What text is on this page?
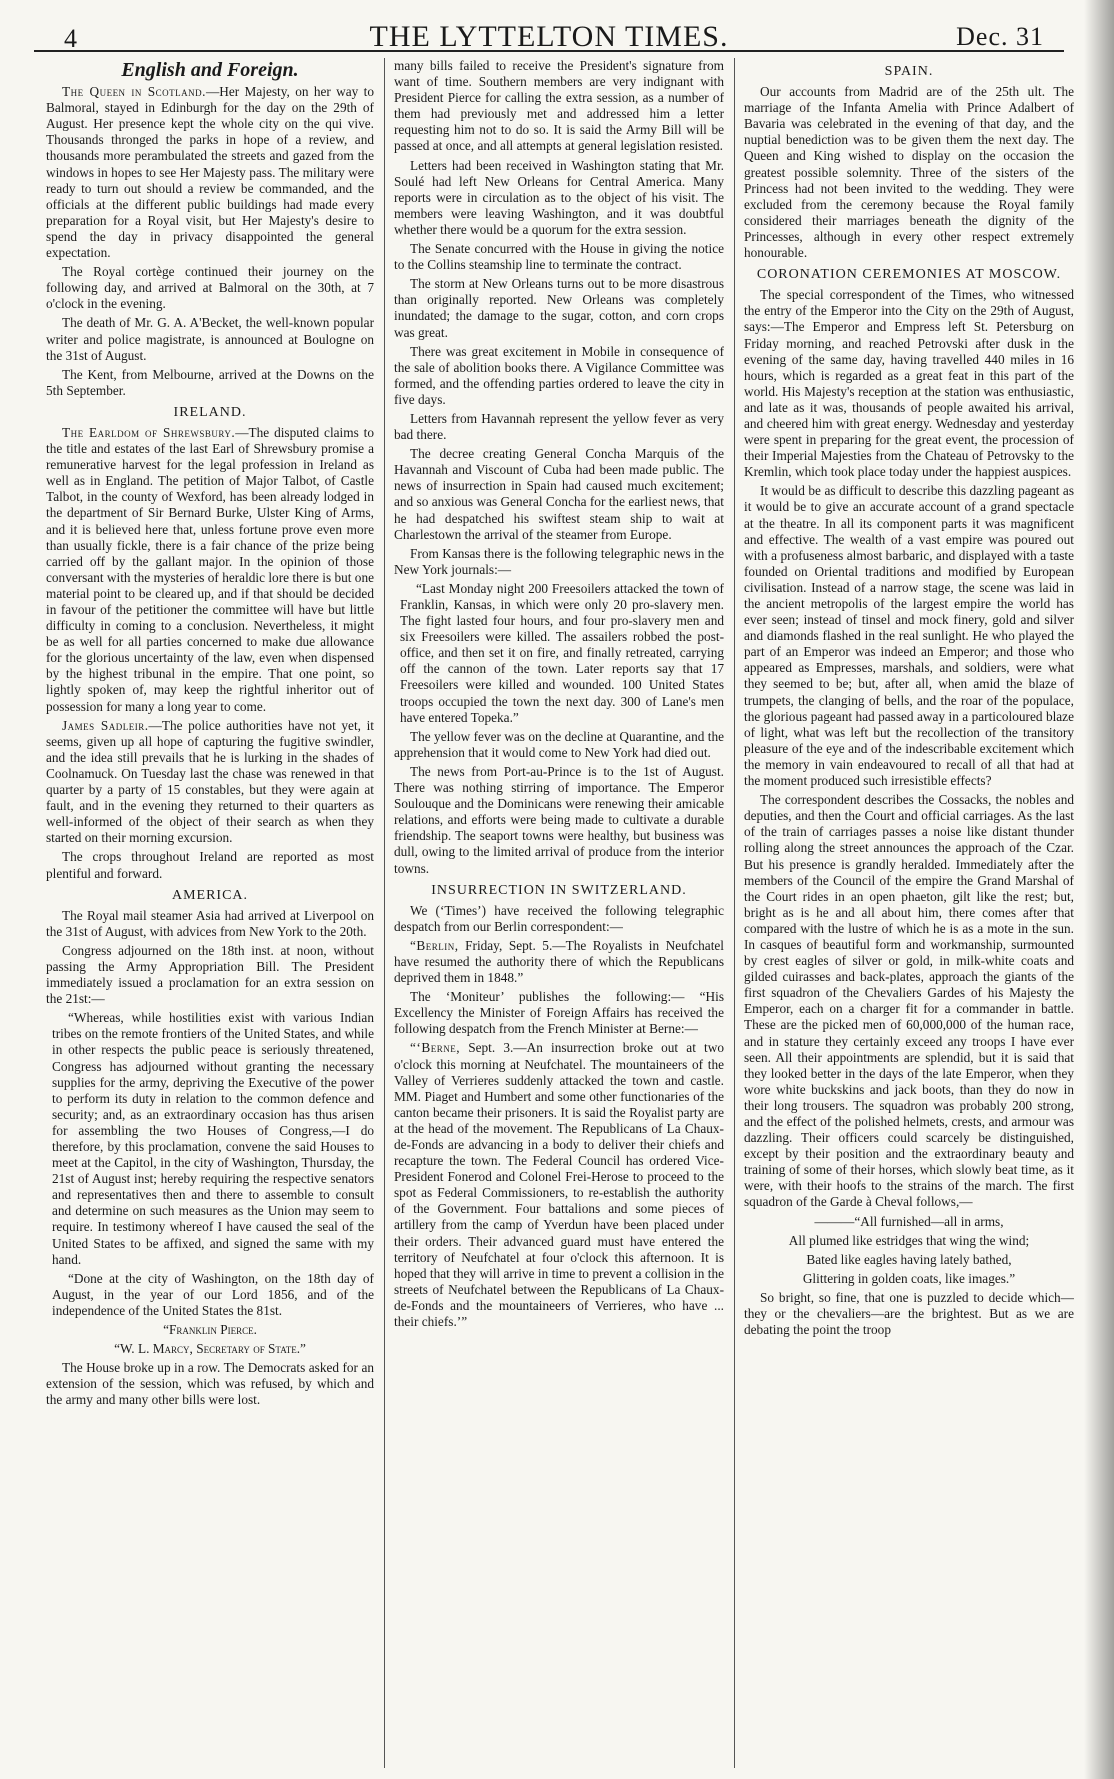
4	THE LYTTELTON TIMES.	Dec. 31
English and Foreign.

The Queen in Scotland.—Her Majesty, on her way to Balmoral, stayed in Edinburgh for the day on the 29th of August. Her presence kept the whole city on the qui vive. Thousands thronged the parks in hope of a review, and thousands more perambulated the streets and gazed from the windows in hopes to see Her Majesty pass. The military were ready to turn out should a review be commanded, and the officials at the different public buildings had made every preparation for a Royal visit, but Her Majesty's desire to spend the day in privacy disappointed the general expectation.

The Royal cortège continued their journey on the following day, and arrived at Balmoral on the 30th, at 7 o'clock in the evening.

The death of Mr. G. A. A'Becket, the well-known popular writer and police magistrate, is announced at Boulogne on the 31st of August.

The Kent, from Melbourne, arrived at the Downs on the 5th September.

IRELAND.

The Earldom of Shrewsbury.—The disputed claims to the title and estates of the last Earl of Shrewsbury promise a remunerative harvest for the legal profession in Ireland as well as in England. The petition of Major Talbot, of Castle Talbot, in the county of Wexford, has been already lodged in the department of Sir Bernard Burke, Ulster King of Arms, and it is believed here that, unless fortune prove even more than usually fickle, there is a fair chance of the prize being carried off by the gallant major. In the opinion of those conversant with the mysteries of heraldic lore there is but one material point to be cleared up, and if that should be decided in favour of the petitioner the committee will have but little difficulty in coming to a conclusion. Nevertheless, it might be as well for all parties concerned to make due allowance for the glorious uncertainty of the law, even when dispensed by the highest tribunal in the empire. That one point, so lightly spoken of, may keep the rightful inheritor out of possession for many a long year to come.

James Sadleir.—The police authorities have not yet, it seems, given up all hope of capturing the fugitive swindler, and the idea still prevails that he is lurking in the shades of Coolnamuck. On Tuesday last the chase was renewed in that quarter by a party of 15 constables, but they were again at fault, and in the evening they returned to their quarters as well-informed of the object of their search as when they started on their morning excursion.

The crops throughout Ireland are reported as most plentiful and forward.

AMERICA.

The Royal mail steamer Asia had arrived at Liverpool on the 31st of August, with advices from New York to the 20th.

Congress adjourned on the 18th inst. at noon, without passing the Army Appropriation Bill. The President immediately issued a proclamation for an extra session on the 21st:—

“Whereas, while hostilities exist with various Indian tribes on the remote frontiers of the United States, and while in other respects the public peace is seriously threatened, Congress has adjourned without granting the necessary supplies for the army, depriving the Executive of the power to perform its duty in relation to the common defence and security; and, as an extraordinary occasion has thus arisen for assembling the two Houses of Congress,—I do therefore, by this proclamation, convene the said Houses to meet at the Capitol, in the city of Washington, Thursday, the 21st of August inst; hereby requiring the respective senators and representatives then and there to assemble to consult and determine on such measures as the Union may seem to require. In testimony whereof I have caused the seal of the United States to be affixed, and signed the same with my hand.

“Done at the city of Washington, on the 18th day of August, in the year of our Lord 1856, and of the independence of the United States the 81st.

“Franklin Pierce.

“W. L. Marcy, Secretary of State.”

The House broke up in a row. The Democrats asked for an extension of the session, which was refused, by which and the army and many other bills were lost.

many bills failed to receive the President's signature from want of time. Southern members are very indignant with President Pierce for calling the extra session, as a number of them had previously met and addressed him a letter requesting him not to do so. It is said the Army Bill will be passed at once, and all attempts at general legislation resisted.

Letters had been received in Washington stating that Mr. Soulé had left New Orleans for Central America. Many reports were in circulation as to the object of his visit. The members were leaving Washington, and it was doubtful whether there would be a quorum for the extra session.

The Senate concurred with the House in giving the notice to the Collins steamship line to terminate the contract.

The storm at New Orleans turns out to be more disastrous than originally reported. New Orleans was completely inundated; the damage to the sugar, cotton, and corn crops was great.

There was great excitement in Mobile in consequence of the sale of abolition books there. A Vigilance Committee was formed, and the offending parties ordered to leave the city in five days.

Letters from Havannah represent the yellow fever as very bad there.

The decree creating General Concha Marquis of the Havannah and Viscount of Cuba had been made public. The news of insurrection in Spain had caused much excitement; and so anxious was General Concha for the earliest news, that he had despatched his swiftest steam ship to wait at Charlestown the arrival of the steamer from Europe.

From Kansas there is the following telegraphic news in the New York journals:—

“Last Monday night 200 Freesoilers attacked the town of Franklin, Kansas, in which were only 20 pro-slavery men. The fight lasted four hours, and four pro-slavery men and six Freesoilers were killed. The assailers robbed the post-office, and then set it on fire, and finally retreated, carrying off the cannon of the town. Later reports say that 17 Freesoilers were killed and wounded. 100 United States troops occupied the town the next day. 300 of Lane's men have entered Topeka.”

The yellow fever was on the decline at Quarantine, and the apprehension that it would come to New York had died out.

The news from Port-au-Prince is to the 1st of August. There was nothing stirring of importance. The Emperor Soulouque and the Dominicans were renewing their amicable relations, and efforts were being made to cultivate a durable friendship. The seaport towns were healthy, but business was dull, owing to the limited arrival of produce from the interior towns.

INSURRECTION IN SWITZERLAND.

We (‘Times’) have received the following telegraphic despatch from our Berlin correspondent:—

“Berlin, Friday, Sept. 5.—The Royalists in Neufchatel have resumed the authority there of which the Republicans deprived them in 1848.”

The ‘Moniteur’ publishes the following:— “His Excellency the Minister of Foreign Affairs has received the following despatch from the French Minister at Berne:—

“‘Berne, Sept. 3.—An insurrection broke out at two o'clock this morning at Neufchatel. The mountaineers of the Valley of Verrieres suddenly attacked the town and castle. MM. Piaget and Humbert and some other functionaries of the canton became their prisoners. It is said the Royalist party are at the head of the movement. The Republicans of La Chaux-de-Fonds are advancing in a body to deliver their chiefs and recapture the town. The Federal Council has ordered Vice-President Fonerod and Colonel Frei-Herose to proceed to the spot as Federal Commissioners, to re-establish the authority of the Government. Four battalions and some pieces of artillery from the camp of Yverdun have been placed under their orders. Their advanced guard must have entered the territory of Neufchatel at four o'clock this afternoon. It is hoped that they will arrive in time to prevent a collision in the streets of Neufchatel between the Republicans of La Chaux-de-Fonds and the mountaineers of Verrieres, who have ... their chiefs.’”

SPAIN.

Our accounts from Madrid are of the 25th ult. The marriage of the Infanta Amelia with Prince Adalbert of Bavaria was celebrated in the evening of that day, and the nuptial benediction was to be given them the next day. The Queen and King wished to display on the occasion the greatest possible solemnity. Three of the sisters of the Princess had not been invited to the wedding. They were excluded from the ceremony because the Royal family considered their marriages beneath the dignity of the Princesses, although in every other respect extremely honourable.

CORONATION CEREMONIES AT MOSCOW.

The special correspondent of the Times, who witnessed the entry of the Emperor into the City on the 29th of August, says:—The Emperor and Empress left St. Petersburg on Friday morning, and reached Petrovski after dusk in the evening of the same day, having travelled 440 miles in 16 hours, which is regarded as a great feat in this part of the world. His Majesty's reception at the station was enthusiastic, and late as it was, thousands of people awaited his arrival, and cheered him with great energy. Wednesday and yesterday were spent in preparing for the great event, the procession of their Imperial Majesties from the Chateau of Petrovsky to the Kremlin, which took place today under the happiest auspices.

It would be as difficult to describe this dazzling pageant as it would be to give an accurate account of a grand spectacle at the theatre. In all its component parts it was magnificent and effective. The wealth of a vast empire was poured out with a profuseness almost barbaric, and displayed with a taste founded on Oriental traditions and modified by European civilisation. Instead of a narrow stage, the scene was laid in the ancient metropolis of the largest empire the world has ever seen; instead of tinsel and mock finery, gold and silver and diamonds flashed in the real sunlight. He who played the part of an Emperor was indeed an Emperor; and those who appeared as Empresses, marshals, and soldiers, were what they seemed to be; but, after all, when amid the blaze of trumpets, the clanging of bells, and the roar of the populace, the glorious pageant had passed away in a particoloured blaze of light, what was left but the recollection of the transitory pleasure of the eye and of the indescribable excitement which the memory in vain endeavoured to recall of all that had at the moment produced such irresistible effects?

The correspondent describes the Cossacks, the nobles and deputies, and then the Court and official carriages. As the last of the train of carriages passes a noise like distant thunder rolling along the street announces the approach of the Czar. But his presence is grandly heralded. Immediately after the members of the Council of the empire the Grand Marshal of the Court rides in an open phaeton, gilt like the rest; but, bright as is he and all about him, there comes after that compared with the lustre of which he is as a mote in the sun. In casques of beautiful form and workmanship, surmounted by crest eagles of silver or gold, in milk-white coats and gilded cuirasses and back-plates, approach the giants of the first squadron of the Chevaliers Gardes of his Majesty the Emperor, each on a charger fit for a commander in battle. These are the picked men of 60,000,000 of the human race, and in stature they certainly exceed any troops I have ever seen. All their appointments are splendid, but it is said that they looked better in the days of the late Emperor, when they wore white buckskins and jack boots, than they do now in their long trousers. The squadron was probably 200 strong, and the effect of the polished helmets, crests, and armour was dazzling. Their officers could scarcely be distinguished, except by their position and the extraordinary beauty and training of some of their horses, which slowly beat time, as it were, with their hoofs to the strains of the march. The first squadron of the Garde à Cheval follows,—

———“All furnished—all in arms,

All plumed like estridges that wing the wind;

Bated like eagles having lately bathed,

Glittering in golden coats, like images.”

So bright, so fine, that one is puzzled to decide which—they or the chevaliers—are the brightest. But as we are debating the point the troop
